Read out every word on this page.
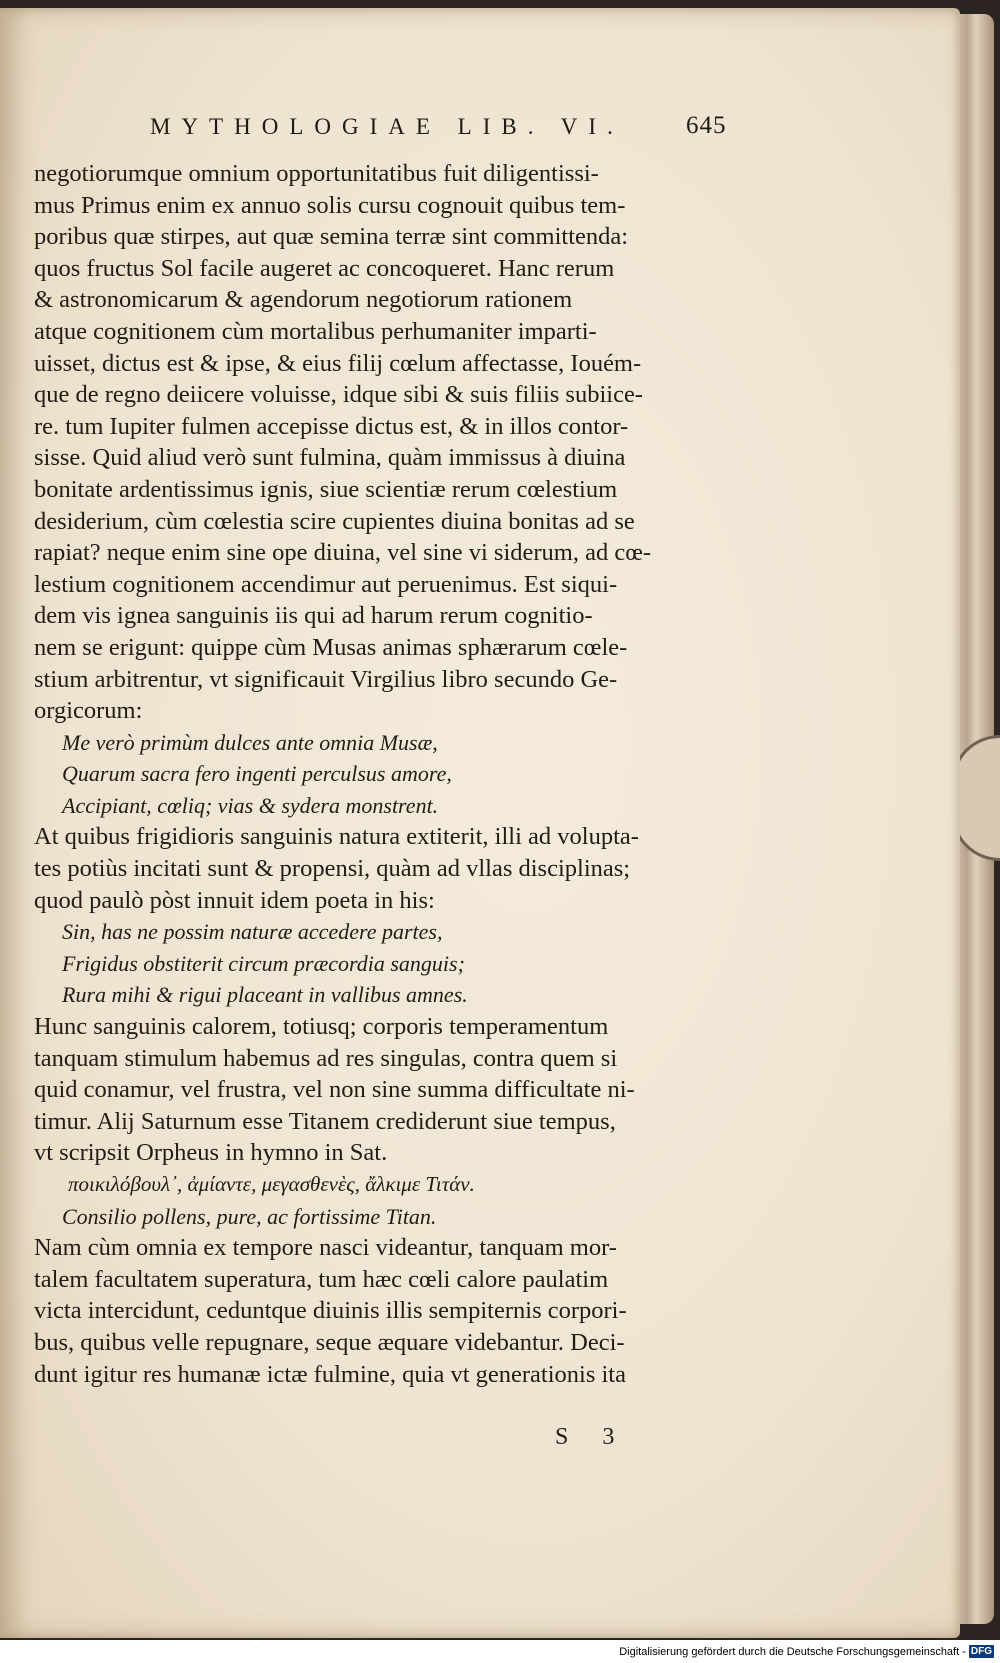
MYTHOLOGIAE LIB. VI.	645
negotiorumque omnium opportunitatibus fuit diligentissi-
mus Primus enim ex annuo solis cursu cognouit quibus tem-
poribus quæ stirpes, aut quæ semina terræ sint committenda:
quos fructus Sol facile augeret ac concoqueret. Hanc rerum
& astronomicarum & agendorum negotiorum rationem
atque cognitionem cùm mortalibus perhumaniter imparti-
uisset, dictus est & ipse, & eius filij cœlum affectasse, Iouém-
que de regno deiicere voluisse, idque sibi & suis filiis subiice-
re. tum Iupiter fulmen accepisse dictus est, & in illos contor-
sisse. Quid aliud verò sunt fulmina, quàm immissus à diuina
bonitate ardentissimus ignis, siue scientiæ rerum cœlestium
desiderium, cùm cœlestia scire cupientes diuina bonitas ad se
rapiat? neque enim sine ope diuina, vel sine vi siderum, ad cœ-
lestium cognitionem accendimur aut peruenimus. Est siqui-
dem vis ignea sanguinis iis qui ad harum rerum cognitio-
nem se erigunt: quippe cùm Musas animas sphærarum cœle-
stium arbitrentur, vt significauit Virgilius libro secundo Ge-
orgicorum:
Me verò primùm dulces ante omnia Musæ,
Quarum sacra fero ingenti perculsus amore,
Accipiant, cœliq; vias & sydera monstrent.
At quibus frigidioris sanguinis natura extiterit, illi ad volupta-
tes potiùs incitati sunt & propensi, quàm ad vllas disciplinas;
quod paulò pòst innuit idem poeta in his:
Sin, has ne possim naturæ accedere partes,
Frigidus obstiterit circum præcordia sanguis;
Rura mihi & rigui placeant in vallibus amnes.
Hunc sanguinis calorem, totiusq; corporis temperamentum
tanquam stimulum habemus ad res singulas, contra quem si
quid conamur, vel frustra, vel non sine summa difficultate ni-
timur. Alij Saturnum esse Titanem crediderunt siue tempus,
vt scripsit Orpheus in hymno in Sat.
ποικιλόβουλ᾽, ἀμίαντε, μεγασθενὲς, ἄλκιμε Τιτάν.
Consilio pollens, pure, ac fortissime Titan.
Nam cùm omnia ex tempore nasci videantur, tanquam mor-
talem facultatem superatura, tum hæc cœli calore paulatim
victa intercidunt, ceduntque diuinis illis sempiternis corpori-
bus, quibus velle repugnare, seque æquare videbantur. Deci-
dunt igitur res humanæ ictæ fulmine, quia vt generationis ita
S 3
Digitalisierung gefördert durch die Deutsche Forschungsgemeinschaft - DFG
